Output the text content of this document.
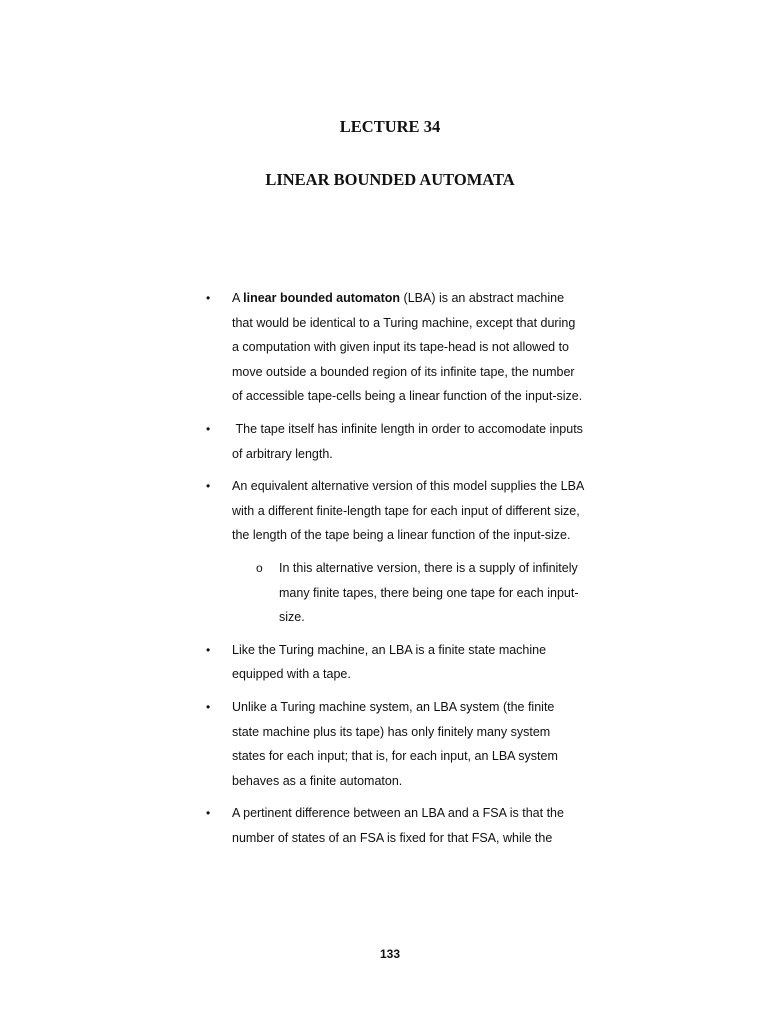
LECTURE 34
LINEAR BOUNDED AUTOMATA
• A linear bounded automaton (LBA) is an abstract machine that would be identical to a Turing machine, except that during a computation with given input its tape-head is not allowed to move outside a bounded region of its infinite tape, the number of accessible tape-cells being a linear function of the input-size.
• The tape itself has infinite length in order to accomodate inputs of arbitrary length.
• An equivalent alternative version of this model supplies the LBA with a different finite-length tape for each input of different size, the length of the tape being a linear function of the input-size.
o In this alternative version, there is a supply of infinitely many finite tapes, there being one tape for each input-size.
• Like the Turing machine, an LBA is a finite state machine equipped with a tape.
• Unlike a Turing machine system, an LBA system (the finite state machine plus its tape) has only finitely many system states for each input; that is, for each input, an LBA system behaves as a finite automaton.
• A pertinent difference between an LBA and a FSA is that the number of states of an FSA is fixed for that FSA, while the
133
